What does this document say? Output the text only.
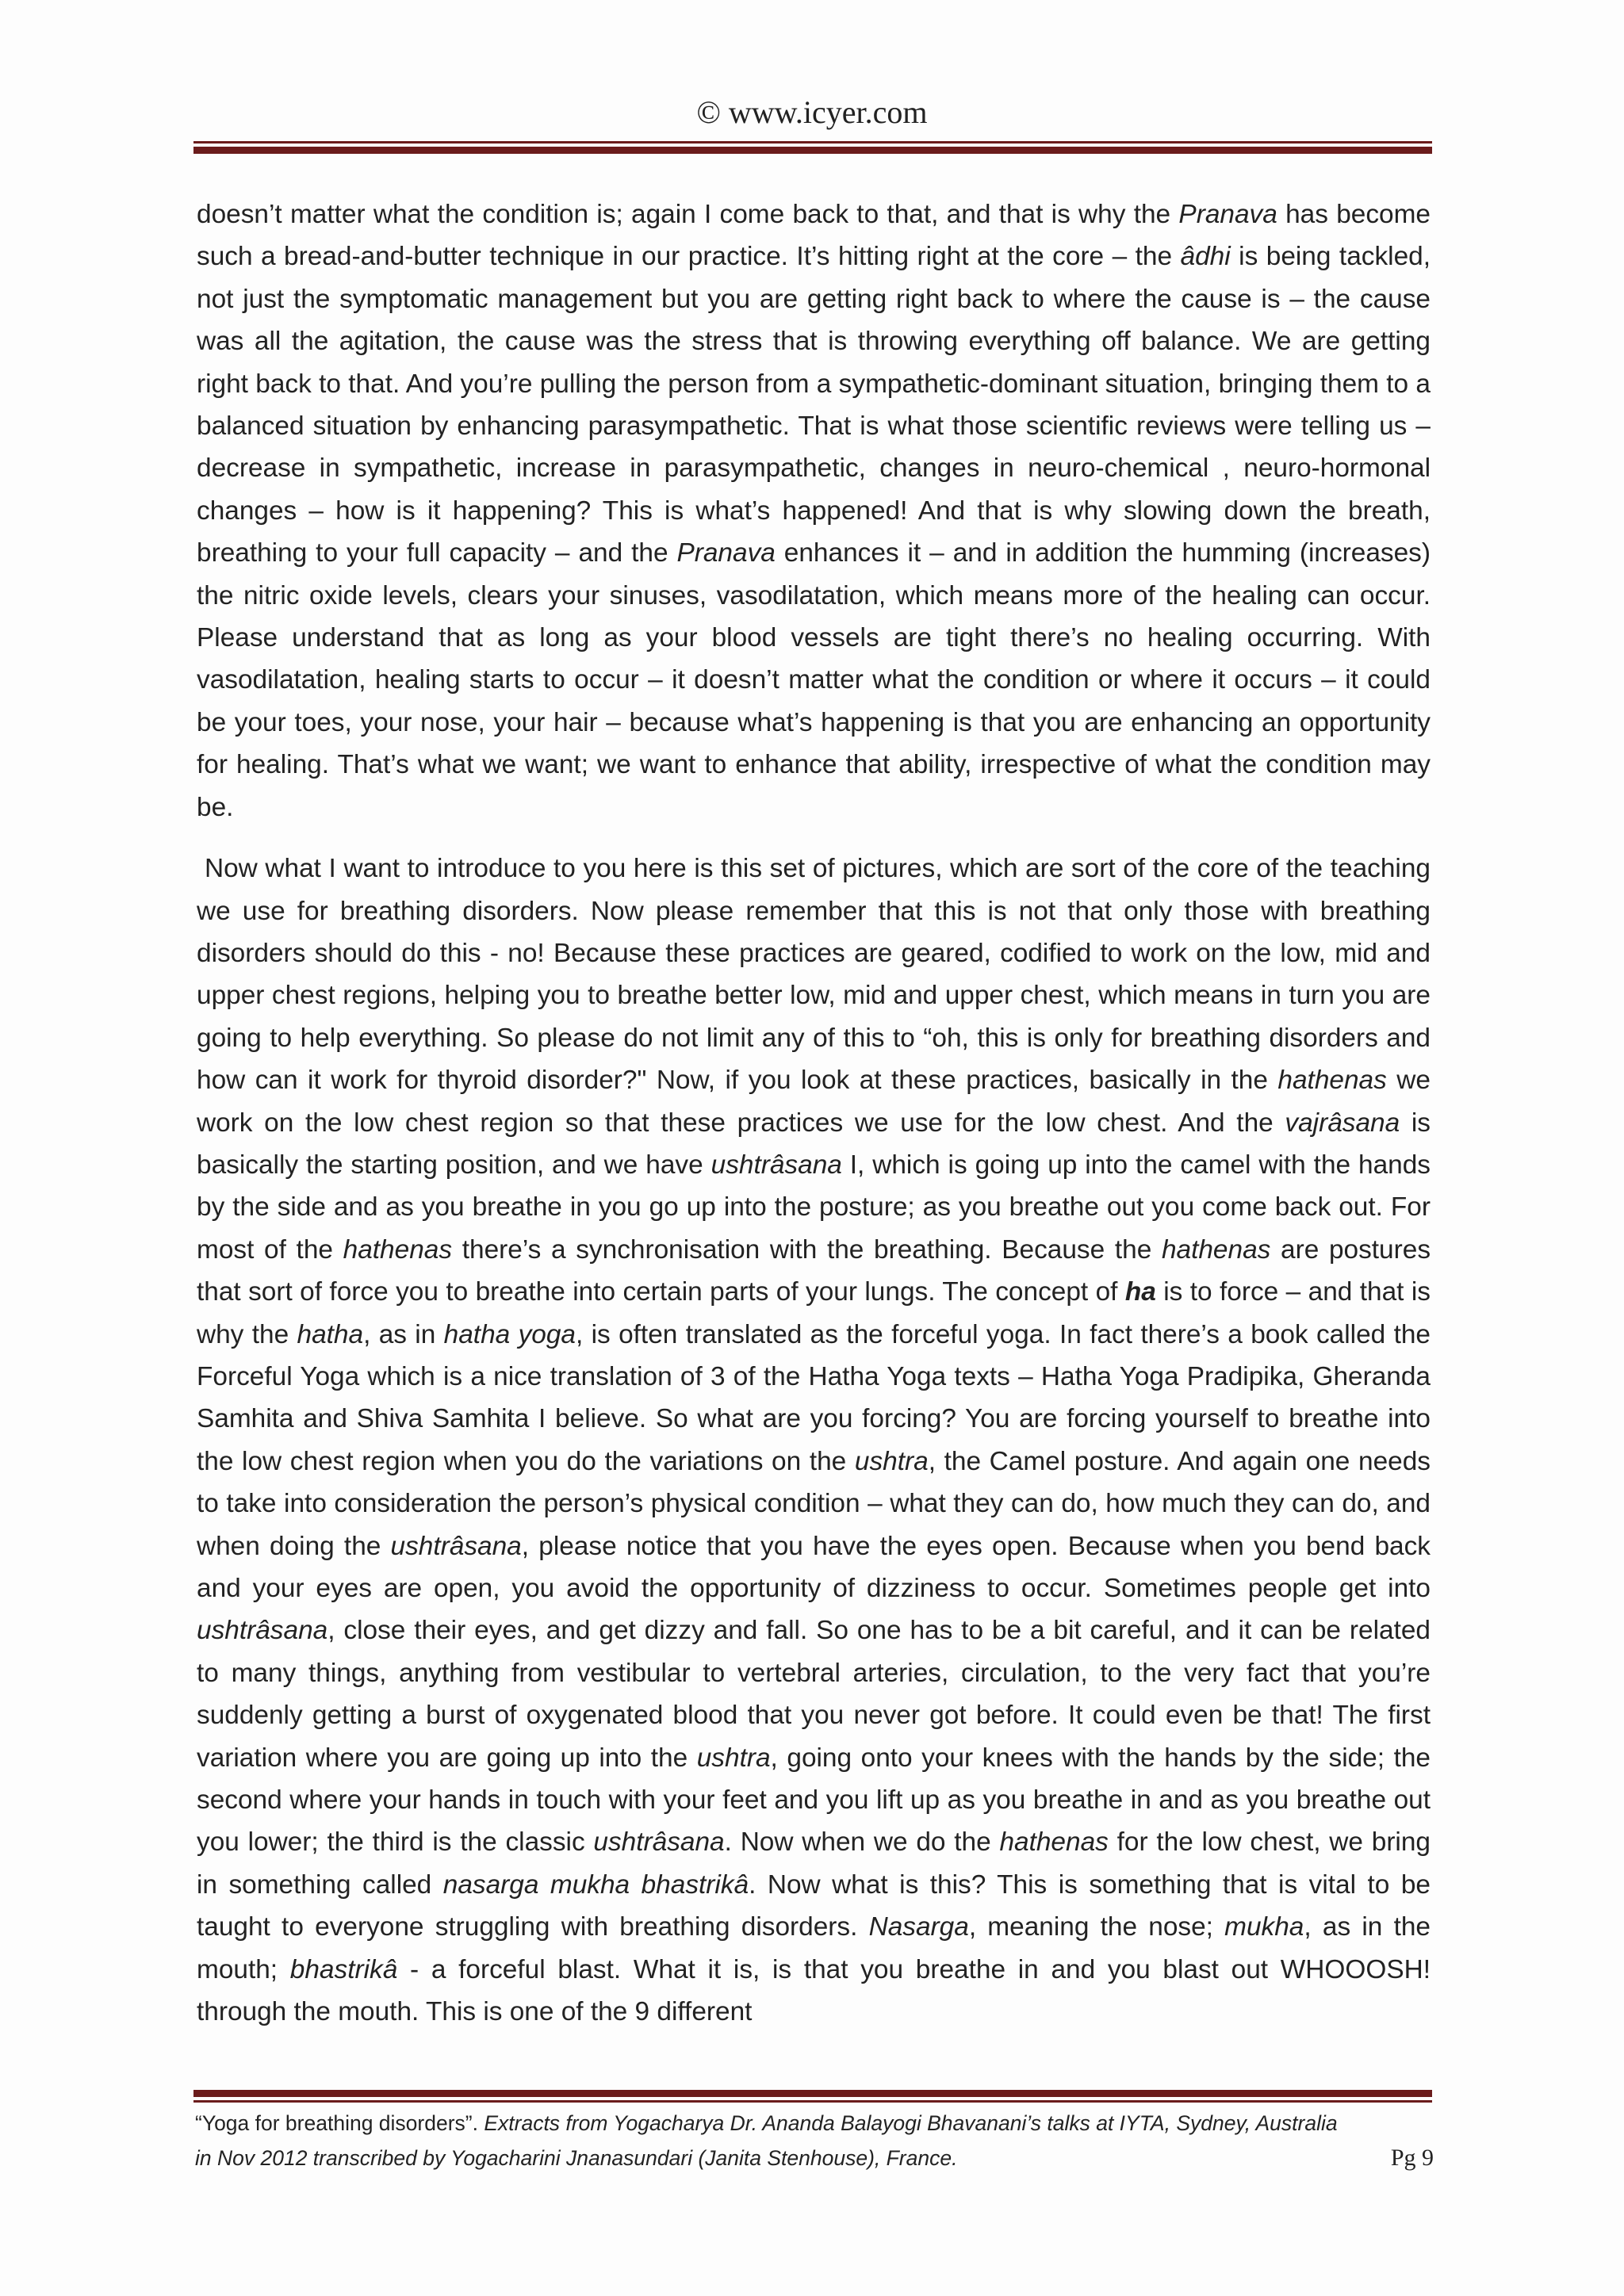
© www.icyer.com

doesn’t matter what the condition is; again I come back to that, and that is why the Pranava has become such a bread-and-butter technique in our practice. It’s hitting right at the core – the âdhi is being tackled, not just the symptomatic management but you are getting right back to where the cause is – the cause was all the agitation, the cause was the stress that is throwing everything off balance. We are getting right back to that. And you’re pulling the person from a sympathetic-dominant situation, bringing them to a balanced situation by enhancing parasympathetic. That is what those scientific reviews were telling us – decrease in sympathetic, increase in parasympathetic, changes in neuro-chemical , neuro-hormonal changes – how is it happening? This is what’s happened! And that is why slowing down the breath, breathing to your full capacity – and the Pranava enhances it – and in addition the humming (increases) the nitric oxide levels, clears your sinuses, vasodilatation, which means more of the healing can occur. Please understand that as long as your blood vessels are tight there’s no healing occurring. With vasodilatation, healing starts to occur – it doesn’t matter what the condition or where it occurs – it could be your toes, your nose, your hair – because what’s happening is that you are enhancing an opportunity for healing. That’s what we want; we want to enhance that ability, irrespective of what the condition may be.

Now what I want to introduce to you here is this set of pictures, which are sort of the core of the teaching we use for breathing disorders. Now please remember that this is not that only those with breathing disorders should do this - no! Because these practices are geared, codified to work on the low, mid and upper chest regions, helping you to breathe better low, mid and upper chest, which means in turn you are going to help everything. So please do not limit any of this to “oh, this is only for breathing disorders and how can it work for thyroid disorder?" Now, if you look at these practices, basically in the hathenas we work on the low chest region so that these practices we use for the low chest. And the vajrâsana is basically the starting position, and we have ushtrâsana I, which is going up into the camel with the hands by the side and as you breathe in you go up into the posture; as you breathe out you come back out. For most of the hathenas there’s a synchronisation with the breathing. Because the hathenas are postures that sort of force you to breathe into certain parts of your lungs. The concept of ha is to force – and that is why the hatha, as in hatha yoga, is often translated as the forceful yoga. In fact there’s a book called the Forceful Yoga which is a nice translation of 3 of the Hatha Yoga texts – Hatha Yoga Pradipika, Gheranda Samhita and Shiva Samhita I believe. So what are you forcing? You are forcing yourself to breathe into the low chest region when you do the variations on the ushtra, the Camel posture. And again one needs to take into consideration the person’s physical condition – what they can do, how much they can do, and when doing the ushtrâsana, please notice that you have the eyes open. Because when you bend back and your eyes are open, you avoid the opportunity of dizziness to occur. Sometimes people get into ushtrâsana, close their eyes, and get dizzy and fall. So one has to be a bit careful, and it can be related to many things, anything from vestibular to vertebral arteries, circulation, to the very fact that you’re suddenly getting a burst of oxygenated blood that you never got before. It could even be that! The first variation where you are going up into the ushtra, going onto your knees with the hands by the side; the second where your hands in touch with your feet and you lift up as you breathe in and as you breathe out you lower; the third is the classic ushtrâsana. Now when we do the hathenas for the low chest, we bring in something called nasarga mukha bhastrikâ. Now what is this? This is something that is vital to be taught to everyone struggling with breathing disorders. Nasarga, meaning the nose; mukha, as in the mouth; bhastrikâ - a forceful blast. What it is, is that you breathe in and you blast out WHOOOSH! through the mouth. This is one of the 9 different

“Yoga for breathing disorders”. Extracts from Yogacharya Dr. Ananda Balayogi Bhavanani’s talks at IYTA, Sydney, Australia
in Nov 2012 transcribed by Yogacharini Jnanasundari (Janita Stenhouse), France.	Pg 9
